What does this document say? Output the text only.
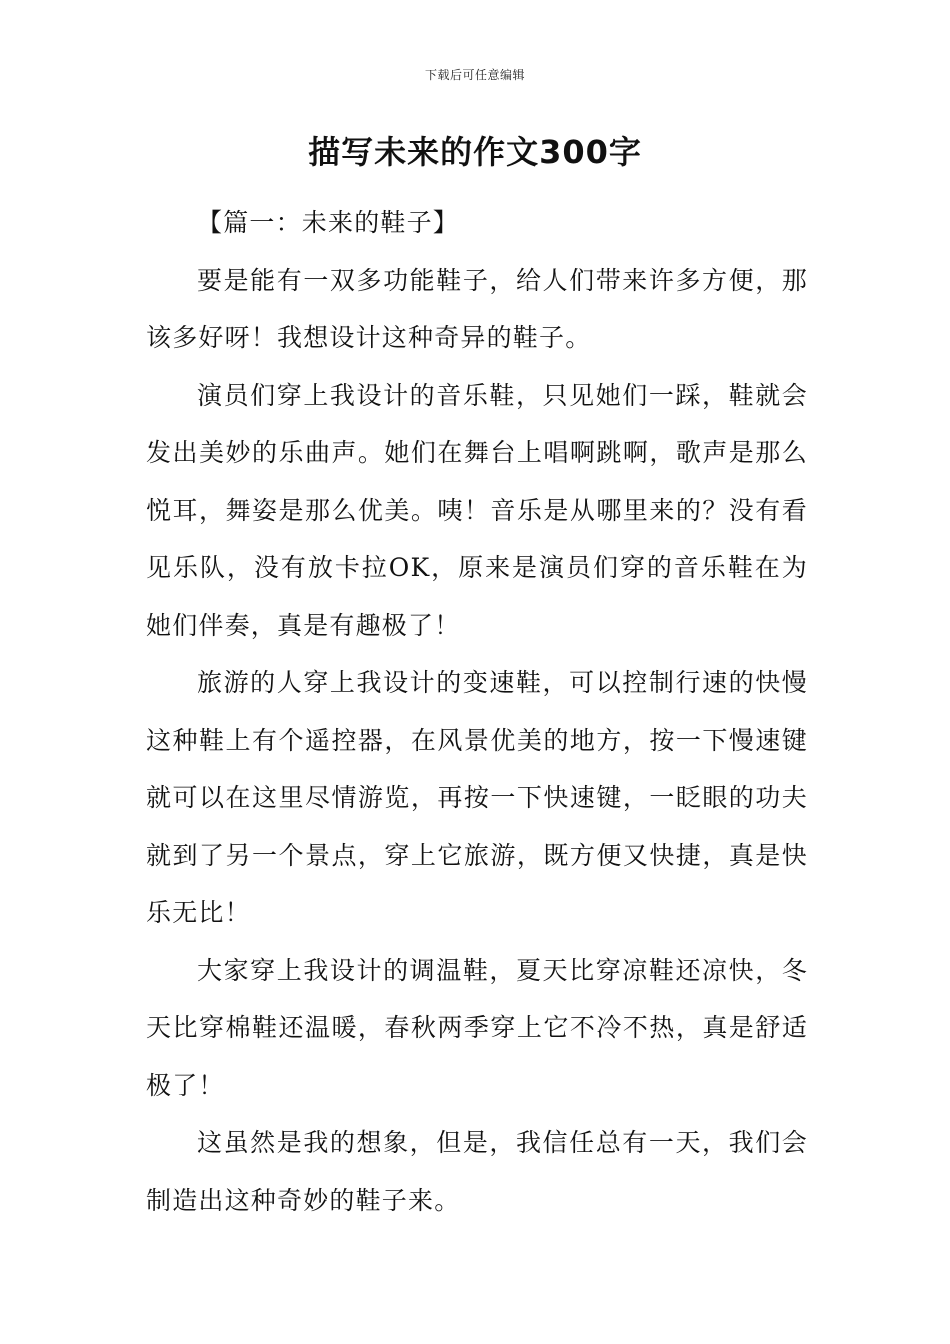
下载后可任意编辑
描写未来的作文300字

【篇一：未来的鞋子】

要是能有一双多功能鞋子，给人们带来许多方便，那该多好呀！我想设计这种奇异的鞋子。

演员们穿上我设计的音乐鞋，只见她们一踩，鞋就会发出美妙的乐曲声。她们在舞台上唱啊跳啊，歌声是那么悦耳，舞姿是那么优美。咦！音乐是从哪里来的？没有看见乐队，没有放卡拉OK，原来是演员们穿的音乐鞋在为她们伴奏，真是有趣极了！

旅游的人穿上我设计的变速鞋，可以控制行速的快慢这种鞋上有个遥控器，在风景优美的地方，按一下慢速键就可以在这里尽情游览，再按一下快速键，一眨眼的功夫就到了另一个景点，穿上它旅游，既方便又快捷，真是快乐无比！

大家穿上我设计的调温鞋，夏天比穿凉鞋还凉快，冬天比穿棉鞋还温暖，春秋两季穿上它不冷不热，真是舒适极了！

这虽然是我的想象，但是，我信任总有一天，我们会制造出这种奇妙的鞋子来。
